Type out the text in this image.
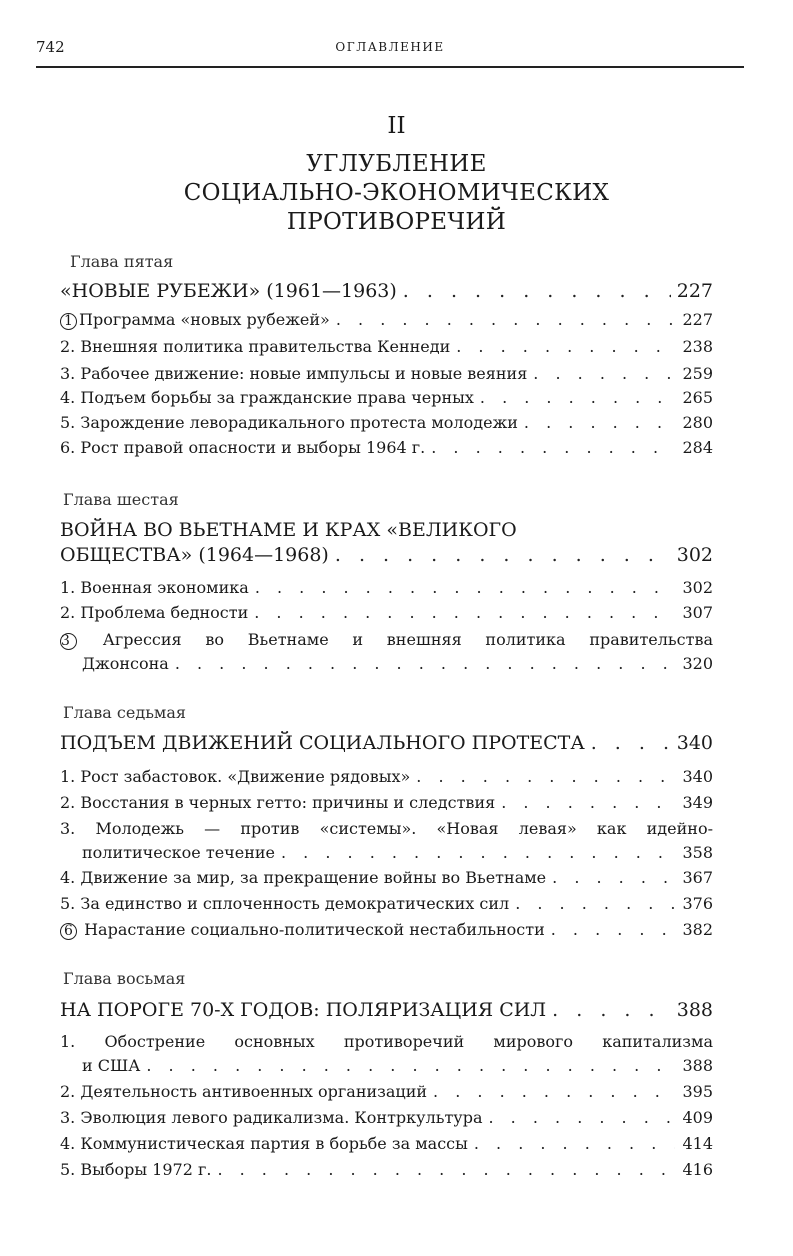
742	ОГЛАВЛЕНИЕ
II
УГЛУБЛЕНИЕ
СОЦИАЛЬНО-ЭКОНОМИЧЕСКИХ
ПРОТИВОРЕЧИЙ
Глава пятая
«НОВЫЕ РУБЕЖИ» (1961—1963) . . .	227
1 Программа «новых рубежей» . . .	227
2. Внешняя политика правительства Кеннеди . . .	238
3. Рабочее движение: новые импульсы и новые веяния . . .	259
4. Подъем борьбы за гражданские права черных . . .	265
5. Зарождение леворадикального протеста молодежи . . .	280
6. Рост правой опасности и выборы 1964 г. . . .	284
Глава шестая
ВОЙНА ВО ВЬЕТНАМЕ И КРАХ «ВЕЛИКОГО
ОБЩЕСТВА» (1964—1968) . . .	302
1. Военная экономика . . .	302
2. Проблема бедности . . .	307
3 Агрессия во Вьетнаме и внешняя политика правительства
Джонсона . . .	320
Глава седьмая
ПОДЪЕМ ДВИЖЕНИЙ СОЦИАЛЬНОГО ПРОТЕСТА . . .	340
1. Рост забастовок. «Движение рядовых» . . .	340
2. Восстания в черных гетто: причины и следствия . . .	349
3. Молодежь — против «системы». «Новая левая» как идейно-
политическое течение . . .	358
4. Движение за мир, за прекращение войны во Вьетнаме . . .	367
5. За единство и сплоченность демократических сил . . .	376
6 Нарастание социально-политической нестабильности . . .	382
Глава восьмая
НА ПОРОГЕ 70-Х ГОДОВ: ПОЛЯРИЗАЦИЯ СИЛ . . .	388
1. Обострение основных противоречий мирового капитализма
и США . . .	388
2. Деятельность антивоенных организаций . . .	395
3. Эволюция левого радикализма. Контркультура . . .	409
4. Коммунистическая партия в борьбе за массы . . .	414
5. Выборы 1972 г. . . .	416
